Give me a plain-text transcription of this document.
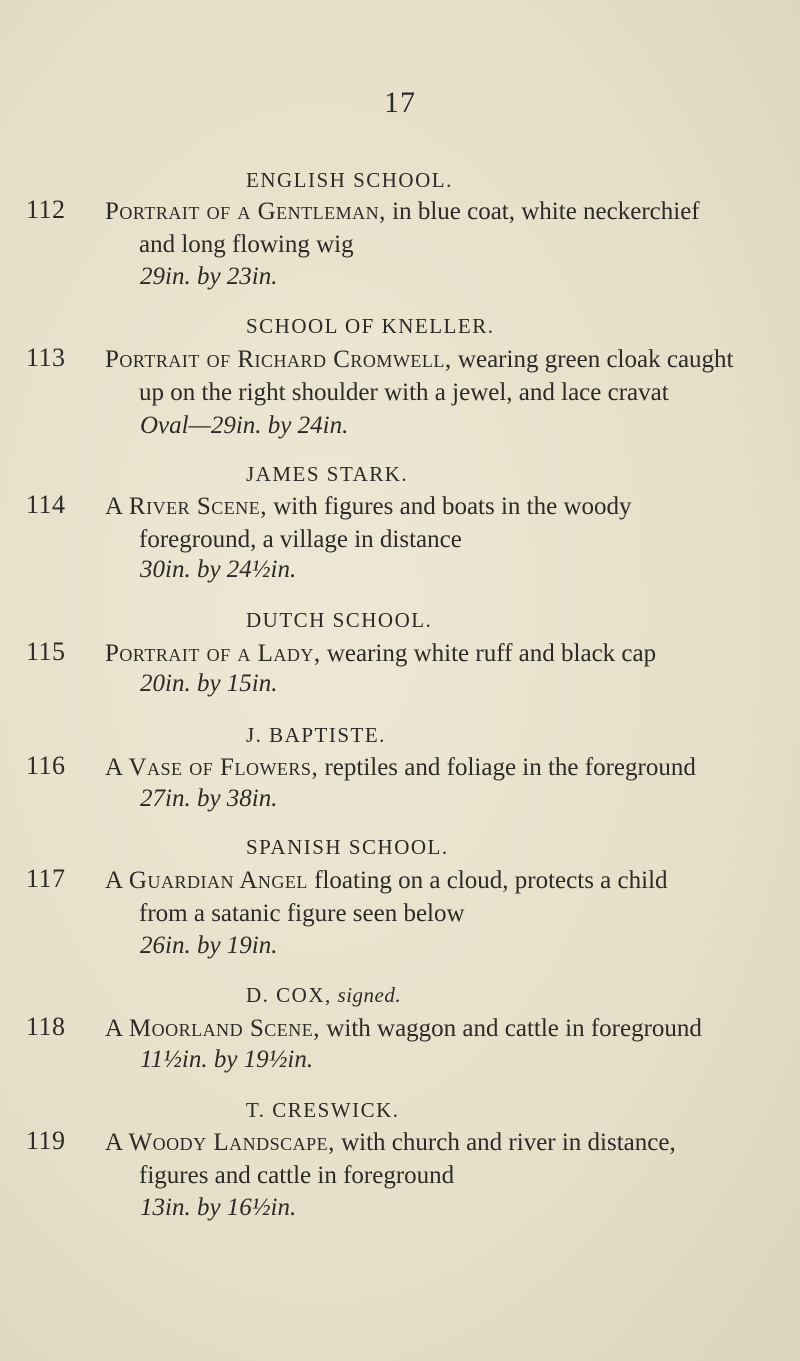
17
ENGLISH SCHOOL.
112 Portrait of a Gentleman, in blue coat, white neckerchief
and long flowing wig
29in. by 23in.
SCHOOL OF KNELLER.
113 Portrait of Richard Cromwell, wearing green cloak caught
up on the right shoulder with a jewel, and lace cravat
Oval—29in. by 24in.
JAMES STARK.
114 A River Scene, with figures and boats in the woody
foreground, a village in distance
30in. by 24½in.
DUTCH SCHOOL.
115 Portrait of a Lady, wearing white ruff and black cap
20in. by 15in.
J. BAPTISTE.
116 A Vase of Flowers, reptiles and foliage in the foreground
27in. by 38in.
SPANISH SCHOOL.
117 A Guardian Angel floating on a cloud, protects a child
from a satanic figure seen below
26in. by 19in.
D. COX, signed.
118 A Moorland Scene, with waggon and cattle in foreground
11½in. by 19½in.
T. CRESWICK.
119 A Woody Landscape, with church and river in distance,
figures and cattle in foreground
13in. by 16½in.
